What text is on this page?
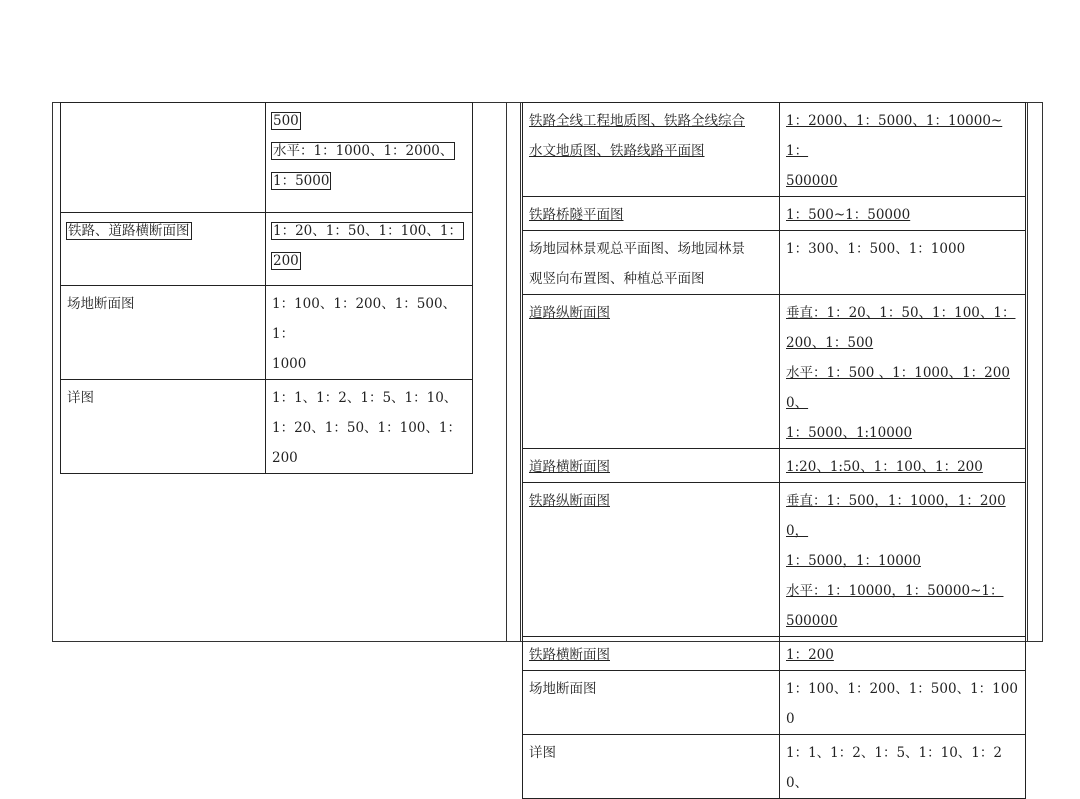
	500
水平：1：1000、1：2000、
1：5000

铁路、道路横断面图	1：20、1：50、1：100、1：
200

场地断面图	1：100、1：200、1：500、1：
1000

详图	1：1、1：2、1：5、1：10、
1：20、1：50、1：100、1：
200
铁路全线工程地质图、铁路全线综合
水文地质图、铁路线路平面图	1：2000、1：5000、1：10000~1：
500000

铁路桥隧平面图	1：500~1：50000

场地园林景观总平面图、场地园林景
观竖向布置图、种植总平面图	1：300、1：500、1：1000

道路纵断面图	垂直：1：20、1：50、1：100、1：
200、1：500
水平：1：500 、1：1000、1：2000、
1：5000、1:10000

道路横断面图	1:20、1:50、1：100、1：200

铁路纵断面图	垂直：1：500，1：1000，1：2000，
1：5000，1：10000
水平：1：10000，1：50000~1：
500000

铁路横断面图	1：200

场地断面图	1：100、1：200、1：500、1：1000

详图	1：1、1：2、1：5、1：10、1：20、
